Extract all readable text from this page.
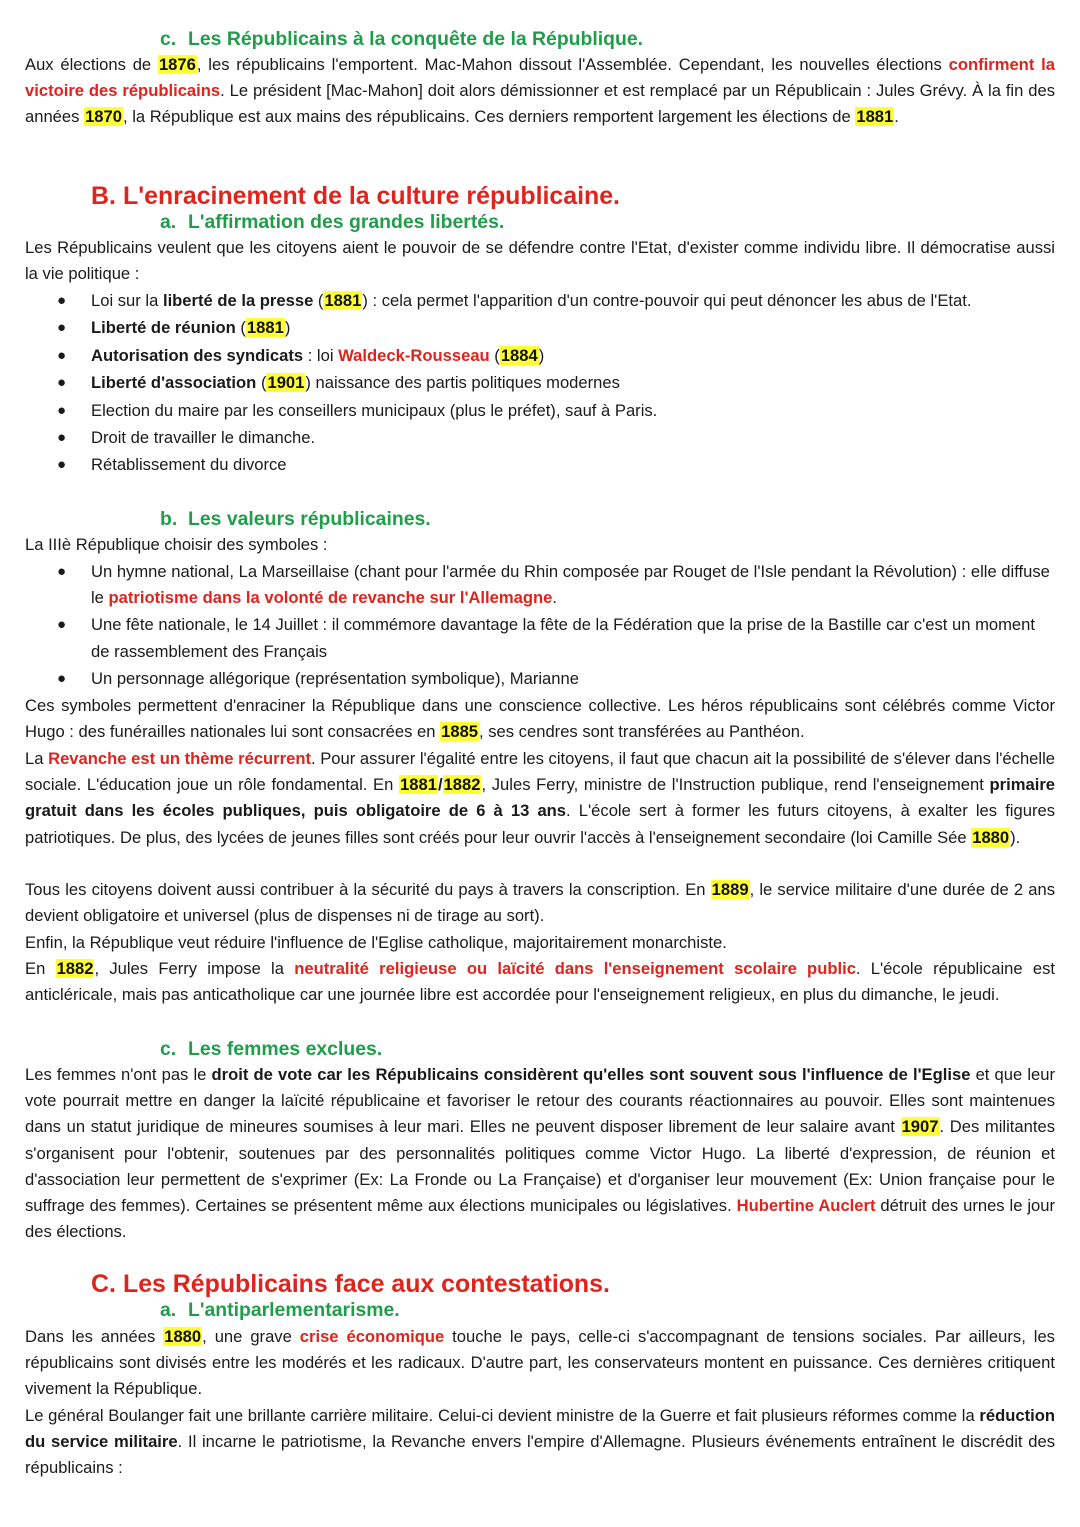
c. Les Républicains à la conquête de la République.

Aux élections de 1876, les républicains l'emportent. Mac-Mahon dissout l'Assemblée. Cependant, les nouvelles élections confirment la victoire des républicains. Le président [Mac-Mahon] doit alors démissionner et est remplacé par un Républicain : Jules Grévy. À la fin des années 1870, la République est aux mains des républicains. Ces derniers remportent largement les élections de 1881.

B. L'enracinement de la culture républicaine.
a. L'affirmation des grandes libertés.

Les Républicains veulent que les citoyens aient le pouvoir de se défendre contre l'Etat, d'exister comme individu libre. Il démocratise aussi la vie politique :

● Loi sur la liberté de la presse (1881) : cela permet l'apparition d'un contre-pouvoir qui peut dénoncer les abus de l'Etat.
● Liberté de réunion (1881)
● Autorisation des syndicats : loi Waldeck-Rousseau (1884)
● Liberté d'association (1901) naissance des partis politiques modernes
● Election du maire par les conseillers municipaux (plus le préfet), sauf à Paris.
● Droit de travailler le dimanche.
● Rétablissement du divorce
b. Les valeurs républicaines.

La IIIè République choisir des symboles :

● Un hymne national, La Marseillaise (chant pour l'armée du Rhin composée par Rouget de l'Isle pendant la Révolution) : elle diffuse le patriotisme dans la volonté de revanche sur l'Allemagne.
● Une fête nationale, le 14 Juillet : il commémore davantage la fête de la Fédération que la prise de la Bastille car c'est un moment de rassemblement des Français
● Un personnage allégorique (représentation symbolique), Marianne

Ces symboles permettent d'enraciner la République dans une conscience collective. Les héros républicains sont célébrés comme Victor Hugo : des funérailles nationales lui sont consacrées en 1885, ses cendres sont transférées au Panthéon.

La Revanche est un thème récurrent. Pour assurer l'égalité entre les citoyens, il faut que chacun ait la possibilité de s'élever dans l'échelle sociale. L'éducation joue un rôle fondamental. En 1881/1882, Jules Ferry, ministre de l'Instruction publique, rend l'enseignement primaire gratuit dans les écoles publiques, puis obligatoire de 6 à 13 ans. L'école sert à former les futurs citoyens, à exalter les figures patriotiques. De plus, des lycées de jeunes filles sont créés pour leur ouvrir l'accès à l'enseignement secondaire (loi Camille Sée 1880).

Tous les citoyens doivent aussi contribuer à la sécurité du pays à travers la conscription. En 1889, le service militaire d'une durée de 2 ans devient obligatoire et universel (plus de dispenses ni de tirage au sort).

Enfin, la République veut réduire l'influence de l'Eglise catholique, majoritairement monarchiste.

En 1882, Jules Ferry impose la neutralité religieuse ou laïcité dans l'enseignement scolaire public. L'école républicaine est anticléricale, mais pas anticatholique car une journée libre est accordée pour l'enseignement religieux, en plus du dimanche, le jeudi.

c. Les femmes exclues.

Les femmes n'ont pas le droit de vote car les Républicains considèrent qu'elles sont souvent sous l'influence de l'Eglise et que leur vote pourrait mettre en danger la laïcité républicaine et favoriser le retour des courants réactionnaires au pouvoir. Elles sont maintenues dans un statut juridique de mineures soumises à leur mari. Elles ne peuvent disposer librement de leur salaire avant 1907. Des militantes s'organisent pour l'obtenir, soutenues par des personnalités politiques comme Victor Hugo. La liberté d'expression, de réunion et d'association leur permettent de s'exprimer (Ex: La Fronde ou La Française) et d'organiser leur mouvement (Ex: Union française pour le suffrage des femmes). Certaines se présentent même aux élections municipales ou législatives. Hubertine Auclert détruit des urnes le jour des élections.

C. Les Républicains face aux contestations.
a. L'antiparlementarisme.

Dans les années 1880, une grave crise économique touche le pays, celle-ci s'accompagnant de tensions sociales. Par ailleurs, les républicains sont divisés entre les modérés et les radicaux. D'autre part, les conservateurs montent en puissance. Ces dernières critiquent vivement la République.

Le général Boulanger fait une brillante carrière militaire. Celui-ci devient ministre de la Guerre et fait plusieurs réformes comme la réduction du service militaire. Il incarne le patriotisme, la Revanche envers l'empire d'Allemagne. Plusieurs événements entraînent le discrédit des républicains :
